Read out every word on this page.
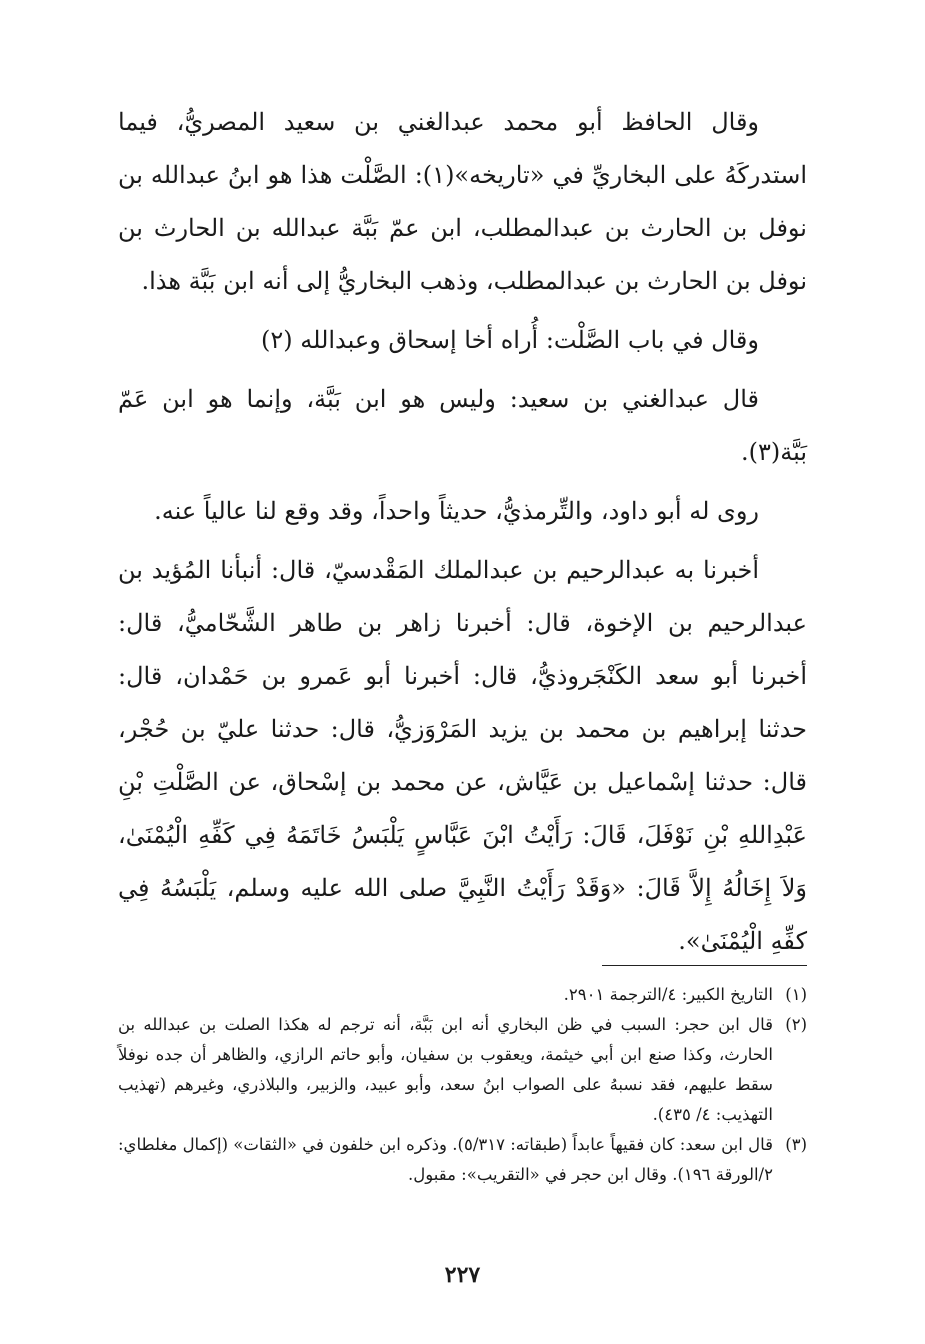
وقال الحافظ أبو محمد عبدالغني بن سعيد المصريُّ، فيما استدركَهُ على البخاريِّ في «تاريخه»(١): الصَّلْت هذا هو ابنُ عبدالله بن نوفل بن الحارث بن عبدالمطلب، ابن عمّ بَبَّة عبدالله بن الحارث بن نوفل بن الحارث بن عبدالمطلب، وذهب البخاريُّ إلى أنه ابن بَبَّة هذا.

وقال في باب الصَّلْت: أُراه أخا إسحاق وعبدالله (٢)

قال عبدالغني بن سعيد: وليس هو ابن بَبَّة، وإنما هو ابن عَمّ بَبَّة(٣).

روى له أبو داود، والتِّرمذيُّ، حديثاً واحداً، وقد وقع لنا عالياً عنه.

أخبرنا به عبدالرحيم بن عبدالملك المَقْدسيّ، قال: أنبأنا المُؤيد بن عبدالرحيم بن الإخوة، قال: أخبرنا زاهر بن طاهر الشَّحّاميُّ، قال: أخبرنا أبو سعد الكَنْجَروذيُّ، قال: أخبرنا أبو عَمرو بن حَمْدان، قال: حدثنا إبراهيم بن محمد بن يزيد المَرْوَزيُّ، قال: حدثنا عليّ بن حُجْر، قال: حدثنا إسْماعيل بن عَيَّاش، عن محمد بن إسْحاق، عن الصَّلْتِ بْنِ عَبْدِاللهِ بْنِ نَوْفَلَ، قَالَ: رَأَيْتُ ابْنَ عَبَّاسٍ يَلْبَسُ خَاتَمَهُ فِي كَفِّهِ الْيُمْنَىٰ، وَلاَ إِخَالُهُ إِلاَّ قَالَ: «وَقَدْ رَأَيْتُ النَّبِيَّ صلى الله عليه وسلم، يَلْبَسُهُ فِي كفِّهِ الْيُمْنَىٰ».

(١)
التاريخ الكبير: ٤/الترجمة ٢٩٠١.
(٢)
قال ابن حجر: السبب في ظن البخاري أنه ابن بَبَّة، أنه ترجم له هكذا الصلت بن عبدالله بن الحارث، وكذا صنع ابن أبي خيثمة، ويعقوب بن سفيان، وأبو حاتم الرازي، والظاهر أن جده نوفلاً سقط عليهم، فقد نسبهُ على الصواب ابنُ سعد، وأبو عبيد، والزبير، والبلاذري، وغيرهم (تهذيب التهذيب: ٤/ ٤٣٥).
(٣)
قال ابن سعد: كان فقيهاً عابداً (طبقاته: ٥/٣١٧). وذكره ابن خلفون في «الثقات» (إكمال مغلطاي: ٢/الورقة ١٩٦). وقال ابن حجر في «التقريب»: مقبول.
٢٢٧
